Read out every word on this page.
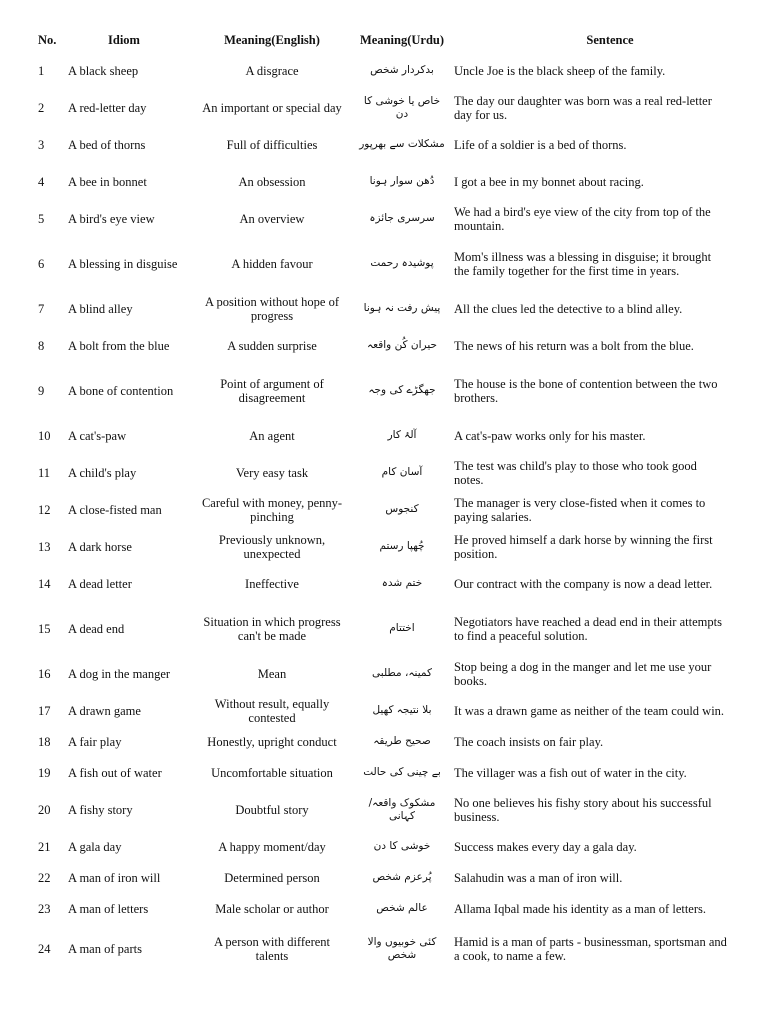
No.	Idiom	Meaning(English)	Meaning(Urdu)	Sentence
1	A black sheep	A disgrace	بدکردار شخص	Uncle Joe is the black sheep of the family.
2	A red-letter day	An important or special day	خاص یا خوشی کا دن	The day our daughter was born was a real red-letter day for us.
3	A bed of thorns	Full of difficulties	مشکلات سے بھرپور	Life of a soldier is a bed of thorns.
4	A bee in bonnet	An obsession	دُھن سوار ہونا	I got a bee in my bonnet about racing.
5	A bird's eye view	An overview	سرسری جائزہ	We had a bird's eye view of the city from top of the mountain.
6	A blessing in disguise	A hidden favour	پوشیدہ رحمت	Mom's illness was a blessing in disguise; it brought the family together for the first time in years.
7	A blind alley	A position without hope of progress	پیش رفت نہ ہونا	All the clues led the detective to a blind alley.
8	A bolt from the blue	A sudden surprise	حیران کُن واقعہ	The news of his return was a bolt from the blue.
9	A bone of contention	Point of argument of disagreement	جھگڑے کی وجہ	The house is the bone of contention between the two brothers.
10	A cat's-paw	An agent	آلۂ کار	A cat's-paw works only for his master.
11	A child's play	Very easy task	آسان کام	The test was child's play to those who took good notes.
12	A close-fisted man	Careful with money, penny-pinching	کنجوس	The manager is very close-fisted when it comes to paying salaries.
13	A dark horse	Previously unknown, unexpected	چُھپا رستم	He proved himself a dark horse by winning the first position.
14	A dead letter	Ineffective	ختم شدہ	Our contract with the company is now a dead letter.
15	A dead end	Situation in which progress can't be made	اختتام	Negotiators have reached a dead end in their attempts to find a peaceful solution.
16	A dog in the manger	Mean	کمینہ، مطلبی	Stop being a dog in the manger and let me use your books.
17	A drawn game	Without result, equally contested	بلا نتیجہ کھیل	It was a drawn game as neither of the team could win.
18	A fair play	Honestly, upright conduct	صحیح طریقہ	The coach insists on fair play.
19	A fish out of water	Uncomfortable situation	بے چینی کی حالت	The villager was a fish out of water in the city.
20	A fishy story	Doubtful story	مشکوک واقعہ/کہانی	No one believes his fishy story about his successful business.
21	A gala day	A happy moment/day	خوشی کا دن	Success makes every day a gala day.
22	A man of iron will	Determined person	پُرعزم شخص	Salahudin was a man of iron will.
23	A man of letters	Male scholar or author	عالم شخص	Allama Iqbal made his identity as a man of letters.
24	A man of parts	A person with different talents	کئی خوبیوں والا شخص	Hamid is a man of parts - businessman, sportsman and a cook, to name a few.
